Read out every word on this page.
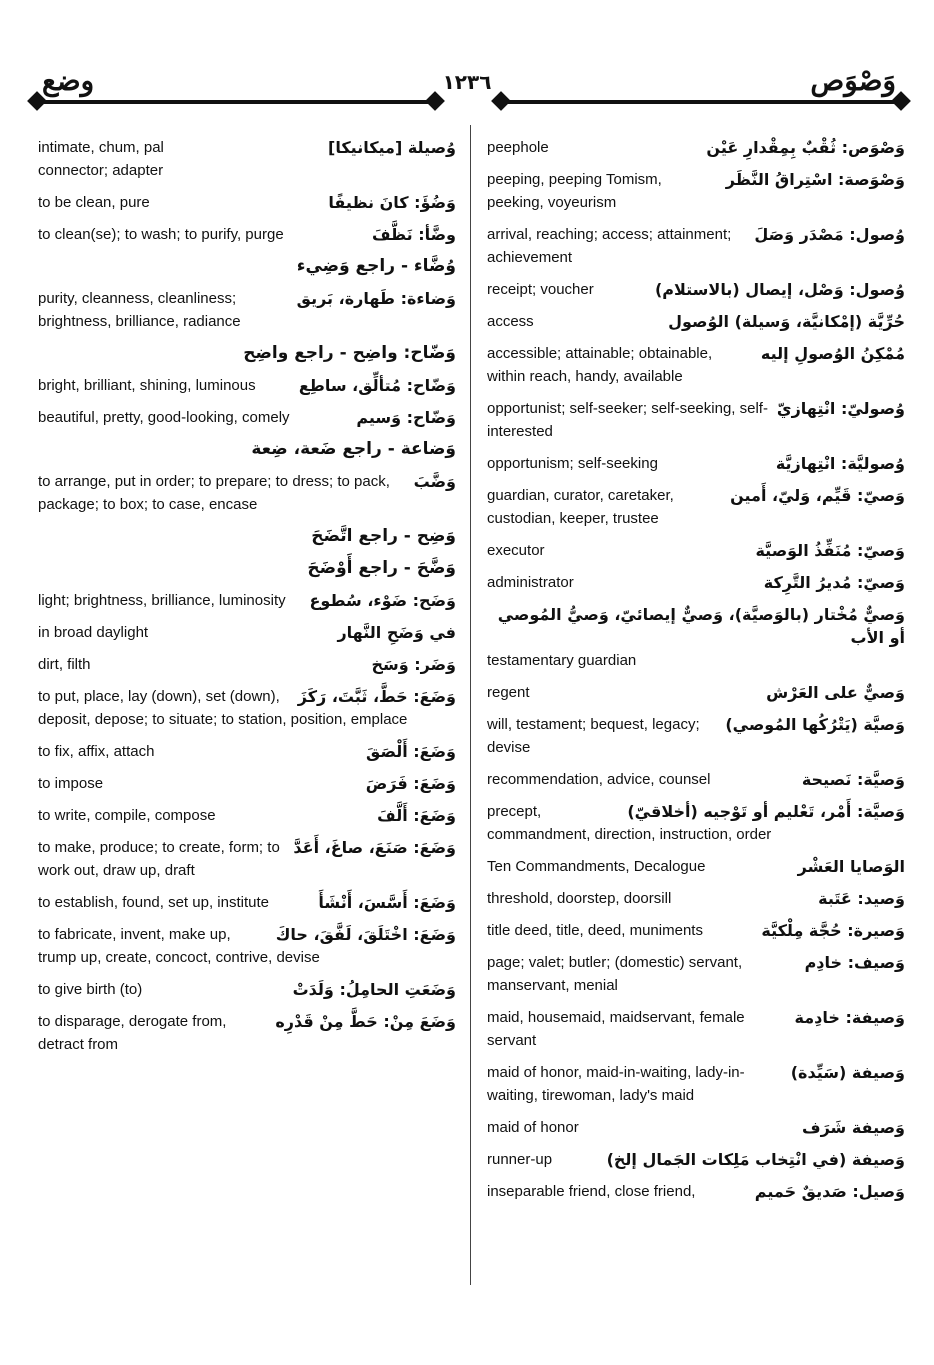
وضع	١٢٣٦	وَصْوَص
وُصيلة [ميكانيكا]
intimate, chum, pal
connector; adapter
وَضُؤَ: كانَ نظيفًا
to be clean, pure
وضَّأ: نَظَّفَ
to clean(se); to wash; to purify, purge
وُضَّاء - راجع وَضِيء
وَضاءة: طَهارة، بَريق
purity, cleanness, cleanliness; brightness, brilliance, radiance
وَضّاح: واضِح - راجع واضِح
وَضّاح: مُتألِّق، ساطِع
bright, brilliant, shining, luminous
وَضّاح: وَسيم
beautiful, pretty, good-looking, comely
وَضاعة - راجع ضَعة، ضِعة
وَضَّبَ
to arrange, put in order; to prepare; to dress; to pack, package; to box; to case, encase
وَضِح - راجع اتَّضَحَ
وَضَّحَ - راجع أَوْضَحَ
وَضَح: ضَوْء، سُطوع
light; brightness, brilliance, luminosity
في وَضَحِ النَّهار
in broad daylight
وَضَر: وَسَخ
dirt, filth
وَضَعَ: حَطَّ، ثَبَّتَ، رَكَزَ
to put, place, lay (down), set (down), deposit, depose; to situate; to station, position, emplace
وَضَعَ: أَلْصَقَ
to fix, affix, attach
وَضَعَ: فَرَضَ
to impose
وَضَعَ: أَلَّفَ
to write, compile, compose
وَضَعَ: صَنَعَ، صاغَ، أَعَدَّ
to make, produce; to create, form; to work out, draw up, draft
وَضَعَ: أَسَّسَ، أَنْشَأَ
to establish, found, set up, institute
وَضَعَ: اخْتَلَقَ، لَفَّقَ، حاكَ
to fabricate, invent, make up, trump up, create, concoct, contrive, devise
وَضَعَتِ الحامِلُ: وَلَدَتْ
to give birth (to)
وَضَعَ مِنْ: حَطَّ مِنْ قَدْرِه
to disparage, derogate from, detract from
وَصْوَص: ثُقْبٌ بِمِقْدارِ عَيْن
peephole
وَصْوَصة: اسْتِراقُ النَّظَر
peeping, peeping Tomism, peeking, voyeurism
وُصول: مَصْدَر وَصَلَ
arrival, reaching; access; attainment; achievement
وُصول: وَصْل، إيصال (بالاستلام)
receipt; voucher
حُرِّيَّة (إمْكانيَّة، وَسيلة) الوُصول
access
مُمْكِنُ الوُصولِ إليه
accessible; attainable; obtainable, within reach, handy, available
وُصوليّ: انْتِهازيّ
opportunist; self-seeker; self-seeking, self-interested
وُصوليَّة: انْتِهازيَّة
opportunism; self-seeking
وَصيّ: قَيِّم، وَليّ، أَمين
guardian, curator, caretaker, custodian, keeper, trustee
وَصيّ: مُنَفِّذُ الوَصيَّة
executor
وَصيّ: مُديرُ التَّرِكة
administrator
وَصيٌّ مُخْتار (بالوَصيَّة)، وَصيٌّ إيصائيّ، وَصيُّ المُوصي أو الأب
testamentary guardian
وَصيٌّ على العَرْش
regent
وَصيَّة (يَتْرُكُها المُوصي)
will, testament; bequest, legacy; devise
وَصيَّة: نَصيحة
recommendation, advice, counsel
وَصيَّة: أَمْر، تَعْليم أو تَوْجيه (أخلاقيّ)
precept, commandment, direction, instruction, order
الوَصايا العَشْر
Ten Commandments, Decalogue
وَصيد: عَتَبة
threshold, doorstep, doorsill
وَصيرة: حُجَّة مِلْكيَّة
title deed, title, deed, muniments
وَصيف: خادِم
page; valet; butler; (domestic) servant, manservant, menial
وَصيفة: خادِمة
maid, housemaid, maidservant, female servant
وَصيفة (سَيِّدة)
maid of honor, maid-in-waiting, lady-in-waiting, tirewoman, lady's maid
وَصيفة شَرَف
maid of honor
وَصيفة (في انْتِخاب مَلِكات الجَمال إلخ)
runner-up
وَصيل: صَديقٌ حَميم
inseparable friend, close friend,
